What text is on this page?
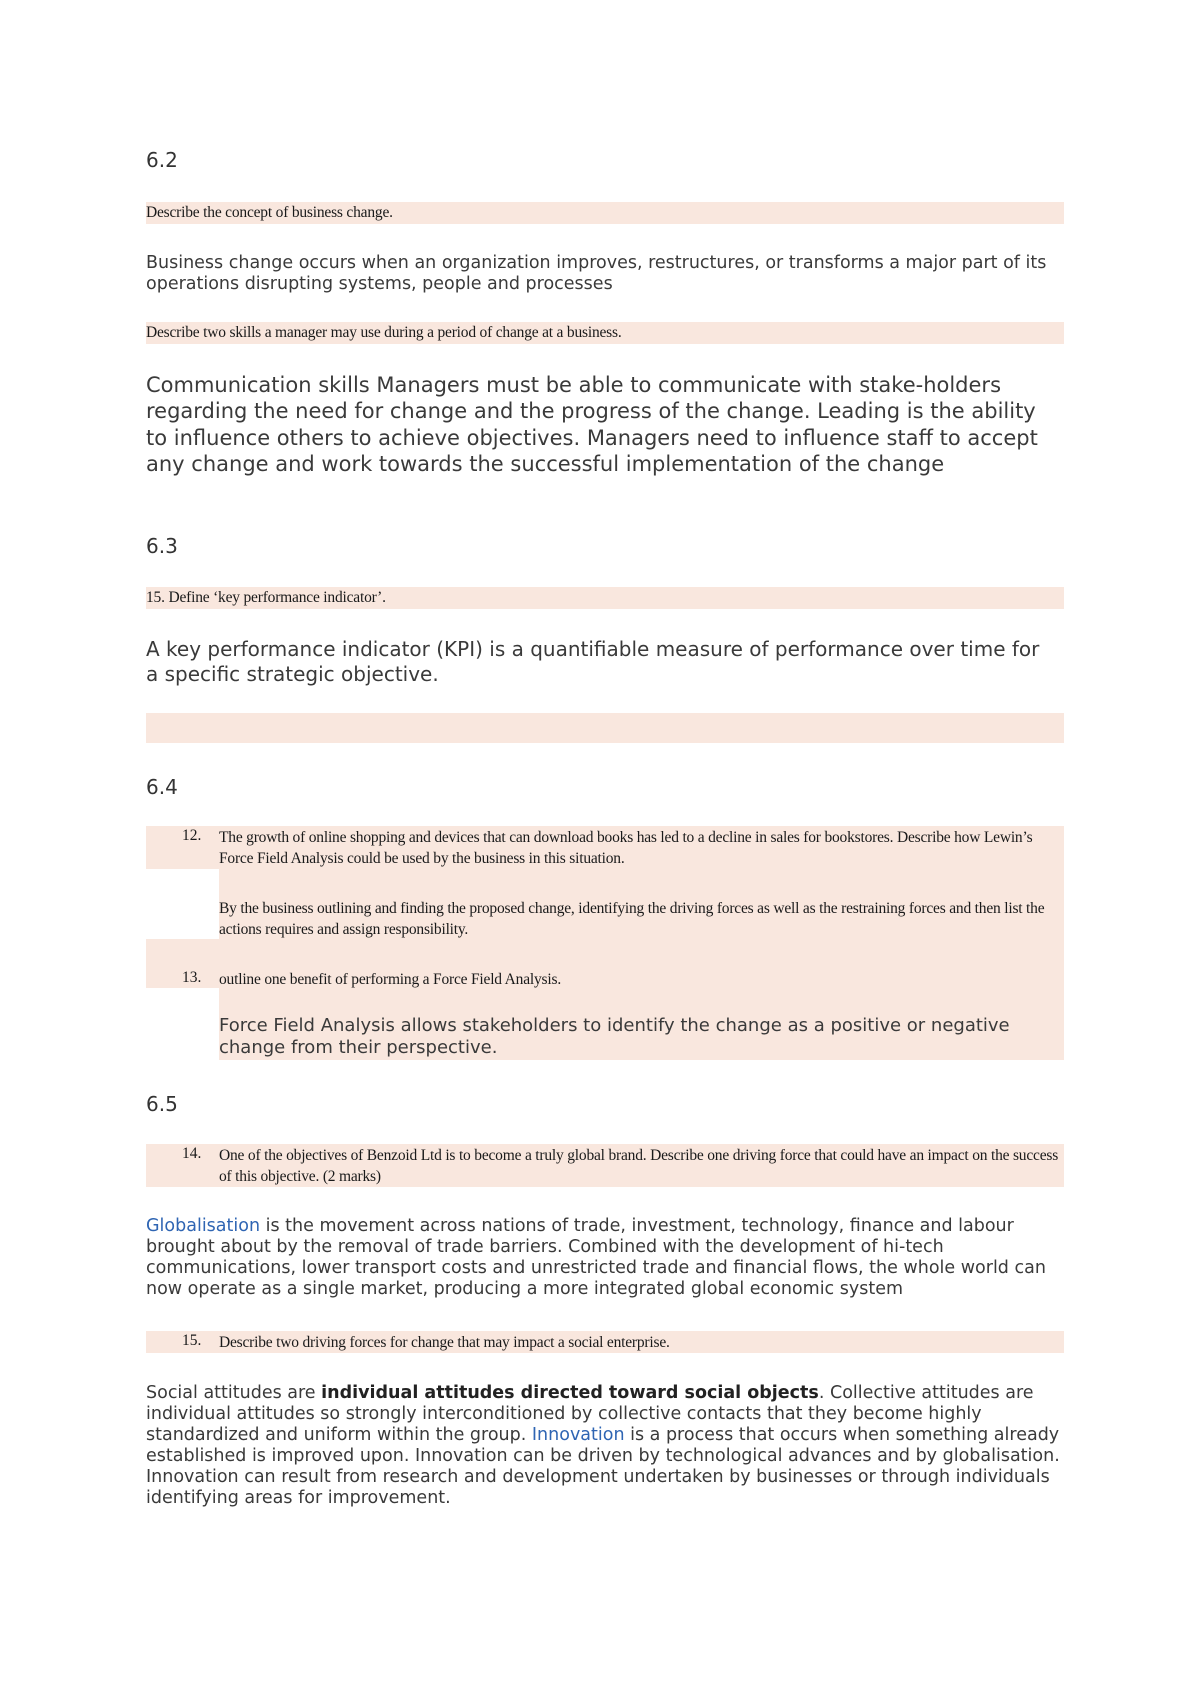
6.2
Describe the concept of business change.
Business change occurs when an organization improves, restructures, or transforms a major part of its operations disrupting systems, people and processes
Describe two skills a manager may use during a period of change at a business.
Communication skills Managers must be able to communicate with stake-holders regarding the need for change and the progress of the change. Leading is the ability to influence others to achieve objectives. Managers need to influence staff to accept any change and work towards the successful implementation of the change
6.3
15. Define ‘key performance indicator’.
A key performance indicator (KPI) is a quantifiable measure of performance over time for a specific strategic objective.
6.4
12. The growth of online shopping and devices that can download books has led to a decline in sales for bookstores. Describe how Lewin’s Force Field Analysis could be used by the business in this situation.
By the business outlining and finding the proposed change, identifying the driving forces as well as the restraining forces and then list the actions requires and assign responsibility.
13. outline one benefit of performing a Force Field Analysis.
Force Field Analysis allows stakeholders to identify the change as a positive or negative change from their perspective.
6.5
14. One of the objectives of Benzoid Ltd is to become a truly global brand. Describe one driving force that could have an impact on the success of this objective. (2 marks)
Globalisation is the movement across nations of trade, investment, technology, finance and labour brought about by the removal of trade barriers. Combined with the development of hi-tech communications, lower transport costs and unrestricted trade and financial flows, the whole world can now operate as a single market, producing a more integrated global economic system
15. Describe two driving forces for change that may impact a social enterprise.
Social attitudes are individual attitudes directed toward social objects. Collective attitudes are individual attitudes so strongly interconditioned by collective contacts that they become highly standardized and uniform within the group. Innovation is a process that occurs when something already established is improved upon. Innovation can be driven by technological advances and by globalisation. Innovation can result from research and development undertaken by businesses or through individuals identifying areas for improvement.
